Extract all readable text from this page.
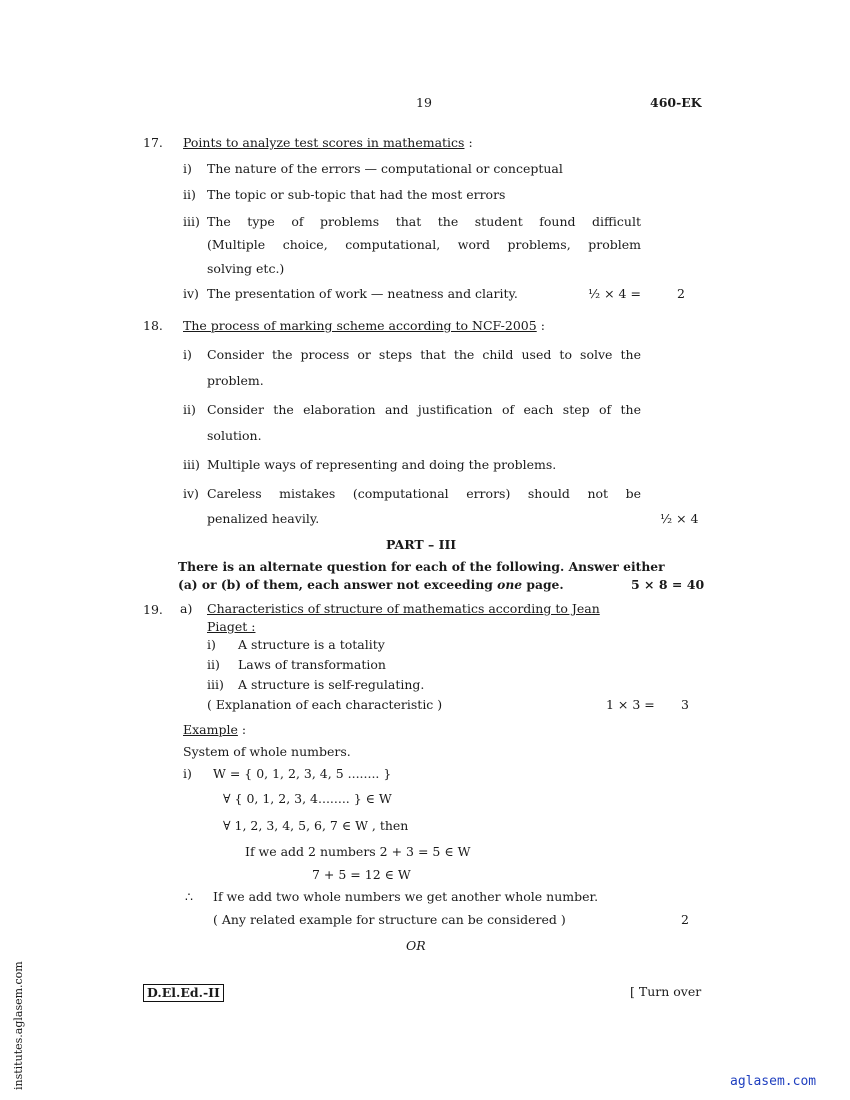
19	460-EK
17. Points to analyze test scores in mathematics :
i) The nature of the errors — computational or conceptual
ii) The topic or sub-topic that had the most errors
iii) The type of problems that the student found difficult
(Multiple choice, computational, word problems, problem
solving etc.)
iv) The presentation of work — neatness and clarity.	½ × 4 =	2
18. The process of marking scheme according to NCF-2005 :
i) Consider the process or steps that the child used to solve the
problem.
ii) Consider the elaboration and justification of each step of the
solution.
iii) Multiple ways of representing and doing the problems.
iv) Careless mistakes (computational errors) should not be
penalized heavily.	½ × 4
PART – III
There is an alternate question for each of the following. Answer either
(a) or (b) of them, each answer not exceeding one page.	5 × 8 = 40
19. a) Characteristics of structure of mathematics according to Jean
Piaget :
i) A structure is a totality
ii) Laws of transformation
iii) A structure is self-regulating.
( Explanation of each characteristic )	1 × 3 = 3
Example :
System of whole numbers.
i) W = { 0, 1, 2, 3, 4, 5 ........ }
∀ { 0, 1, 2, 3, 4........ } ∈ W
∀ 1, 2, 3, 4, 5, 6, 7 ∈ W , then
If we add 2 numbers 2 + 3 = 5 ∈ W
7 + 5 = 12 ∈ W
∴ If we add two whole numbers we get another whole number.
( Any related example for structure can be considered )	2
OR
D.El.Ed.-II	[ Turn over
institutes.aglasem.com	aglasem.com
